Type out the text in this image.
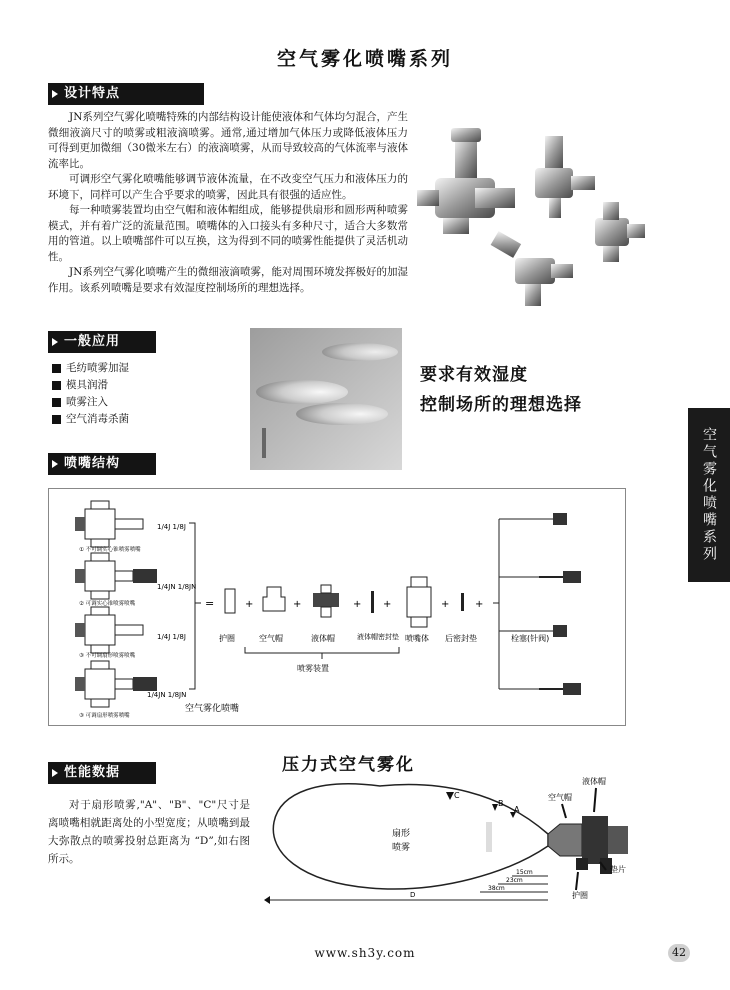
空气雾化喷嘴系列
设计特点

JN系列空气雾化喷嘴特殊的内部结构设计能使液体和气体均匀混合，产生微细液滴尺寸的喷雾或粗液滴喷雾。通常,通过增加气体压力或降低液体压力可得到更加微细（30微米左右）的液滴喷雾，从而导致较高的气体流率与液体流率比。

可调形空气雾化喷嘴能够调节液体流量，在不改变空气压力和液体压力的环境下，同样可以产生合乎要求的喷雾，因此具有很强的适应性。

每一种喷雾装置均由空气帽和液体帽组成，能够提供扇形和圆形两种喷雾模式，并有着广泛的流量范围。喷嘴体的入口接头有多种尺寸，适合大多数常用的管道。以上喷嘴部件可以互换，这为得到不同的喷雾性能提供了灵活机动性。

JN系列空气雾化喷嘴产生的微细液滴喷雾，能对周围环境发挥极好的加湿作用。该系列喷嘴是要求有效湿度控制场所的理想选择。

一般应用
毛纺喷雾加湿
模具润滑
喷雾注入
空气消毒杀菌
要求有效湿度
控制场所的理想选择
空气雾化喷嘴系列
喷嘴结构
1/4J 1/8J
① 不可调实心锥喷雾喷嘴
1/4JN 1/8JN
② 可调实心锥喷雾喷嘴
1/4J 1/8J
③ 不可调扇形喷雾喷嘴
1/4JN 1/8JN
③ 可调扇形喷雾喷嘴
空气雾化喷嘴
=
护圈
+
空气帽
+
液体帽
+
液体帽密封垫
+
喷嘴体
+
后密封垫
+
喷雾装置
栓塞(针阀)
性能数据
对于扇形喷雾,"A"、"B"、"C"尺寸是离喷嘴相就距离处的小型宽度；从喷嘴到最大弥散点的喷雾投射总距离为 “D”,如右图所示。
压力式空气雾化
扇形
喷雾
C
B
A
空气帽
液体帽
垫片
护圈
15cm
23cm
38cm
D
www.sh3y.com	42
